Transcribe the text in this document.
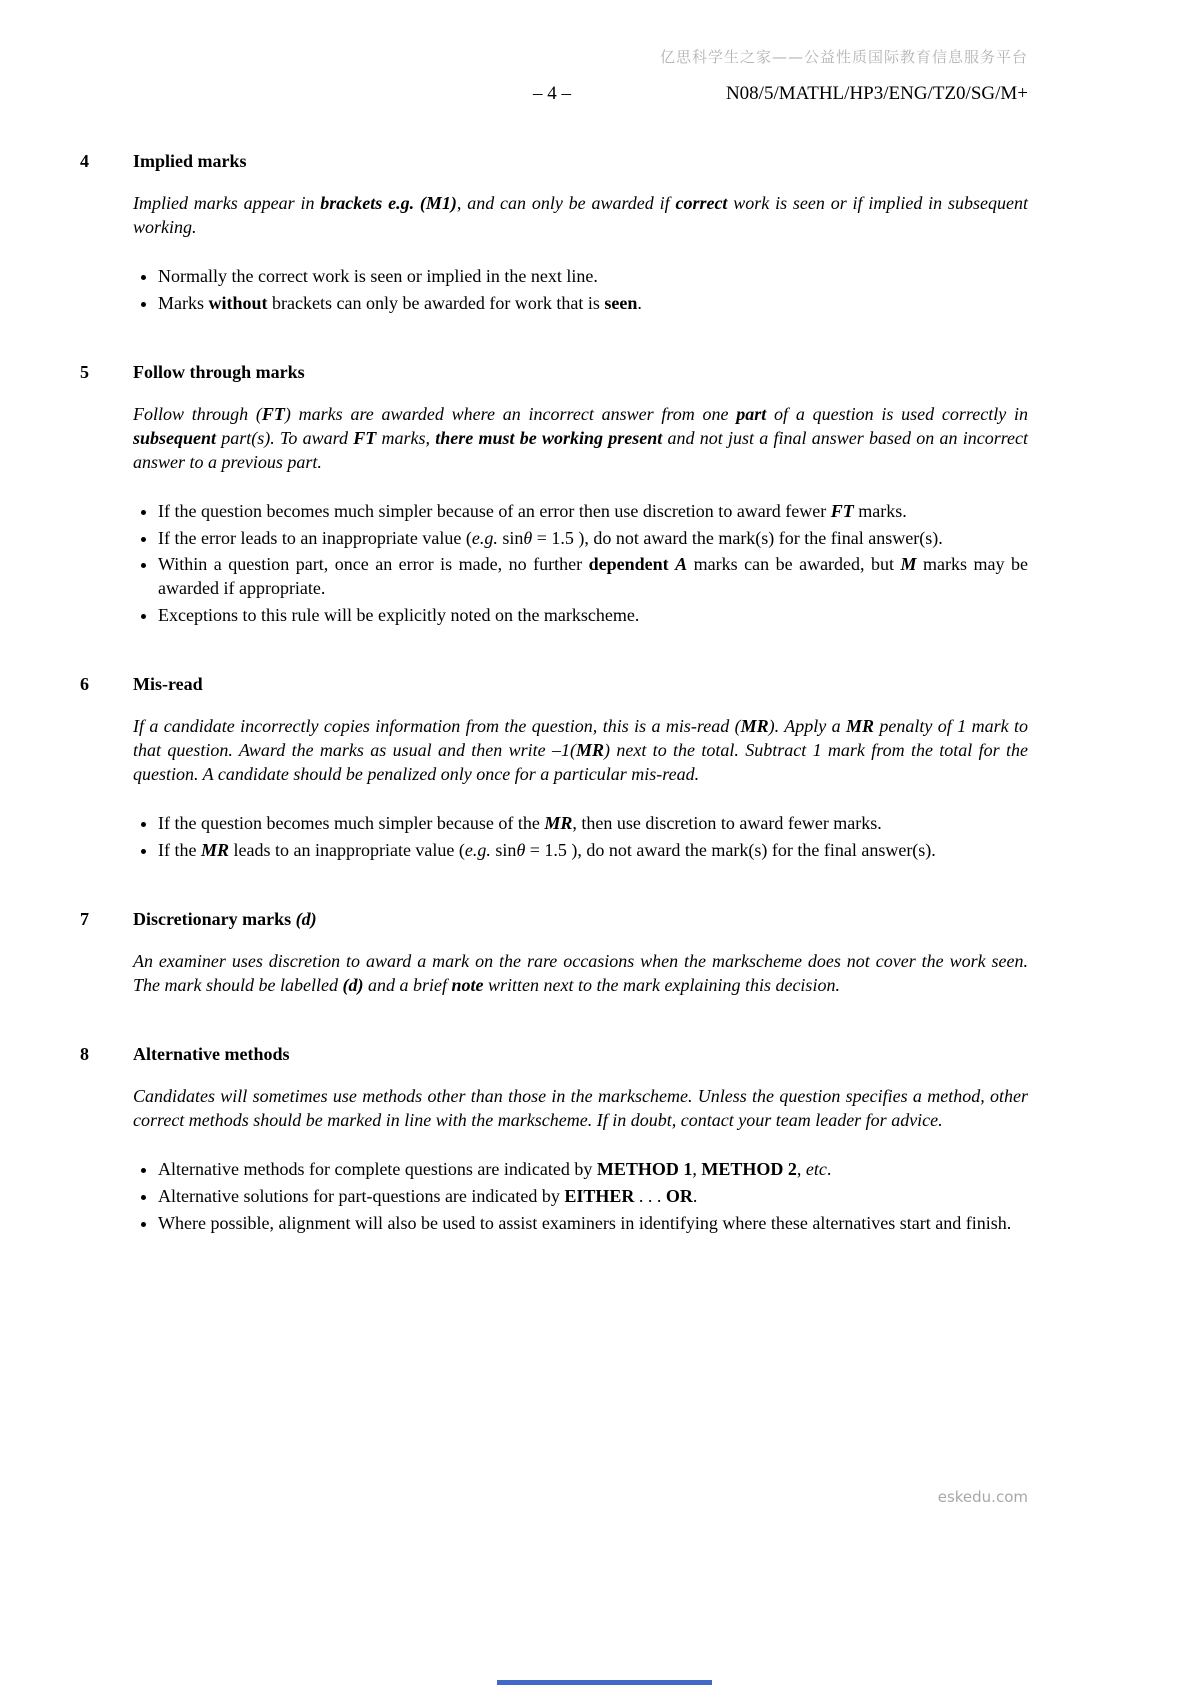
亿思科学生之家——公益性质国际教育信息服务平台
– 4 –	N08/5/MATHL/HP3/ENG/TZ0/SG/M+
4 Implied marks

Implied marks appear in brackets e.g. (M1), and can only be awarded if correct work is seen or if implied in subsequent working.

• Normally the correct work is seen or implied in the next line.
• Marks without brackets can only be awarded for work that is seen.
5 Follow through marks

Follow through (FT) marks are awarded where an incorrect answer from one part of a question is used correctly in subsequent part(s). To award FT marks, there must be working present and not just a final answer based on an incorrect answer to a previous part.

• If the question becomes much simpler because of an error then use discretion to award fewer FT marks.
• If the error leads to an inappropriate value (e.g. sinθ = 1.5 ), do not award the mark(s) for the final answer(s).
• Within a question part, once an error is made, no further dependent A marks can be awarded, but M marks may be awarded if appropriate.
• Exceptions to this rule will be explicitly noted on the markscheme.
6 Mis-read

If a candidate incorrectly copies information from the question, this is a mis-read (MR). Apply a MR penalty of 1 mark to that question. Award the marks as usual and then write –1(MR) next to the total. Subtract 1 mark from the total for the question. A candidate should be penalized only once for a particular mis-read.

• If the question becomes much simpler because of the MR, then use discretion to award fewer marks.
• If the MR leads to an inappropriate value (e.g. sinθ = 1.5 ), do not award the mark(s) for the final answer(s).
7 Discretionary marks (d)

An examiner uses discretion to award a mark on the rare occasions when the markscheme does not cover the work seen. The mark should be labelled (d) and a brief note written next to the mark explaining this decision.

8 Alternative methods

Candidates will sometimes use methods other than those in the markscheme. Unless the question specifies a method, other correct methods should be marked in line with the markscheme. If in doubt, contact your team leader for advice.

• Alternative methods for complete questions are indicated by METHOD 1, METHOD 2, etc.
• Alternative solutions for part-questions are indicated by EITHER . . . OR.
• Where possible, alignment will also be used to assist examiners in identifying where these alternatives start and finish.
eskedu.com
